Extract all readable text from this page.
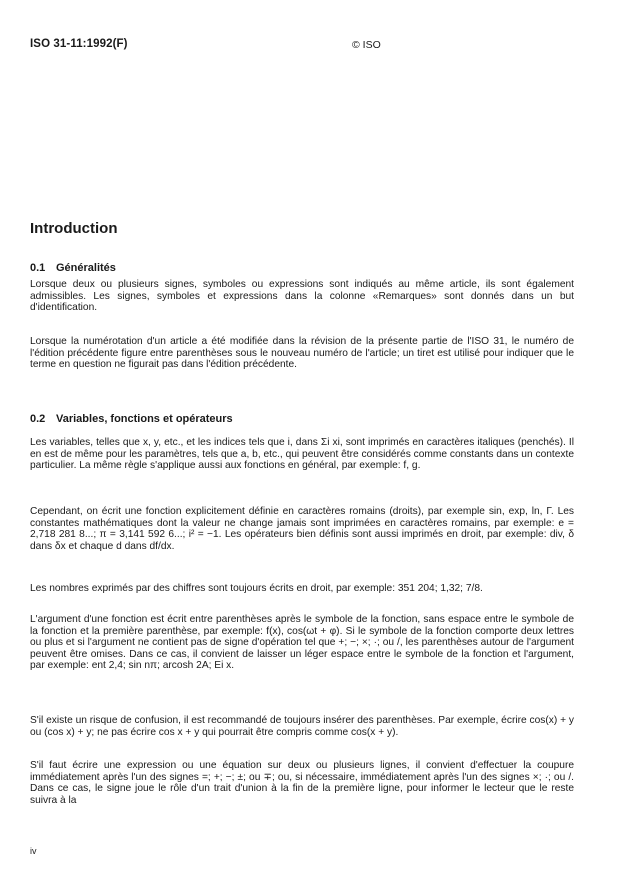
ISO 31-11:1992(F)	© ISO
Introduction
0.1 Généralités

Lorsque deux ou plusieurs signes, symboles ou expressions sont indiqués au même article, ils sont également admissibles. Les signes, symboles et expressions dans la colonne «Remarques» sont donnés dans un but d'identification.

Lorsque la numérotation d'un article a été modifiée dans la révision de la présente partie de l'ISO 31, le numéro de l'édition précédente figure entre parenthèses sous le nouveau numéro de l'article; un tiret est utilisé pour indiquer que le terme en question ne figurait pas dans l'édition précédente.

0.2 Variables, fonctions et opérateurs

Les variables, telles que x, y, etc., et les indices tels que i, dans Σi xi, sont imprimés en caractères italiques (penchés). Il en est de même pour les paramètres, tels que a, b, etc., qui peuvent être considérés comme constants dans un contexte particulier. La même règle s'applique aussi aux fonctions en général, par exemple: f, g.

Cependant, on écrit une fonction explicitement définie en caractères romains (droits), par exemple sin, exp, ln, Γ. Les constantes mathématiques dont la valeur ne change jamais sont imprimées en caractères romains, par exemple: e = 2,718 281 8...; π = 3,141 592 6...; i² = −1. Les opérateurs bien définis sont aussi imprimés en droit, par exemple: div, δ dans δx et chaque d dans df/dx.

Les nombres exprimés par des chiffres sont toujours écrits en droit, par exemple: 351 204; 1,32; 7/8.

L'argument d'une fonction est écrit entre parenthèses après le symbole de la fonction, sans espace entre le symbole de la fonction et la première parenthèse, par exemple: f(x), cos(ωt + φ). Si le symbole de la fonction comporte deux lettres ou plus et si l'argument ne contient pas de signe d'opération tel que +; −; ×; ·; ou /, les parenthèses autour de l'argument peuvent être omises. Dans ce cas, il convient de laisser un léger espace entre le symbole de la fonction et l'argument, par exemple: ent 2,4; sin nπ; arcosh 2A; Ei x.

S'il existe un risque de confusion, il est recommandé de toujours insérer des parenthèses. Par exemple, écrire cos(x) + y ou (cos x) + y; ne pas écrire cos x + y qui pourrait être compris comme cos(x + y).

S'il faut écrire une expression ou une équation sur deux ou plusieurs lignes, il convient d'effectuer la coupure immédiatement après l'un des signes =; +; −; ±; ou ∓; ou, si nécessaire, immédiatement après l'un des signes ×; ·; ou /. Dans ce cas, le signe joue le rôle d'un trait d'union à la fin de la première ligne, pour informer le lecteur que le reste suivra à la

iv
